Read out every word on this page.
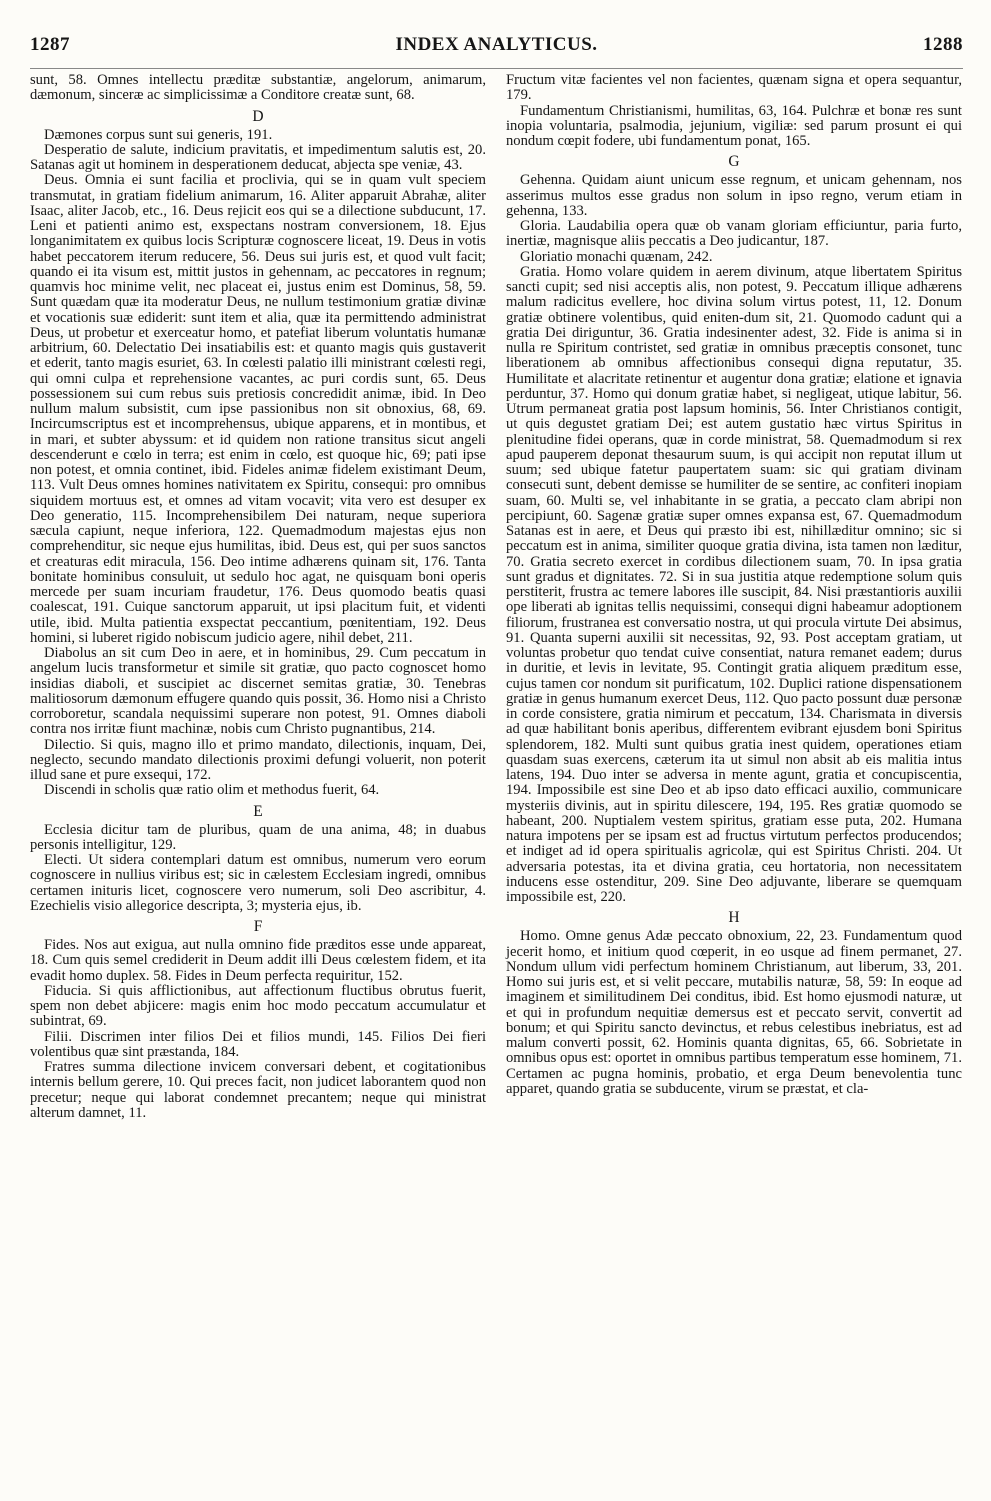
1287	INDEX ANALYTICUS.	1288

sunt, 58. Omnes intellectu præditæ substantiæ, angelorum, animarum, dæmonum, sinceræ ac simplicissimæ a Conditore creatæ sunt, 68.

D

Dæmones corpus sunt sui generis, 191.

Desperatio de salute, indicium pravitatis, et impedimentum salutis est, 20. Satanas agit ut hominem in desperationem deducat, abjecta spe veniæ, 43.

Deus. Omnia ei sunt facilia et proclivia, qui se in quam vult speciem transmutat, in gratiam fidelium animarum, 16. Aliter apparuit Abrahæ, aliter Isaac, aliter Jacob, etc., 16. Deus rejicit eos qui se a dilectione subducunt, 17. Leni et patienti animo est, exspectans nostram conversionem, 18. Ejus longanimitatem ex quibus locis Scripturæ cognoscere liceat, 19. Deus in votis habet peccatorem iterum reducere, 56. Deus sui juris est, et quod vult facit; quando ei ita visum est, mittit justos in gehennam, ac peccatores in regnum; quamvis hoc minime velit, nec placeat ei, justus enim est Dominus, 58, 59. Sunt quædam quæ ita moderatur Deus, ne nullum testimonium gratiæ divinæ et vocationis suæ ediderit: sunt item et alia, quæ ita permittendo administrat Deus, ut probetur et exerceatur homo, et patefiat liberum voluntatis humanæ arbitrium, 60. Delectatio Dei insatiabilis est: et quanto magis quis gustaverit et ederit, tanto magis esuriet, 63. In cœlesti palatio illi ministrant cœlesti regi, qui omni culpa et reprehensione vacantes, ac puri cordis sunt, 65. Deus possessionem sui cum rebus suis pretiosis concredidit animæ, ibid. In Deo nullum malum subsistit, cum ipse passionibus non sit obnoxius, 68, 69. Incircumscriptus est et incomprehensus, ubique apparens, et in montibus, et in mari, et subter abyssum: et id quidem non ratione transitus sicut angeli descenderunt e cœlo in terra; est enim in cœlo, est quoque hic, 69; pati ipse non potest, et omnia continet, ibid. Fideles animæ fidelem existimant Deum, 113. Vult Deus omnes homines nativitatem ex Spiritu, consequi: pro omnibus siquidem mortuus est, et omnes ad vitam vocavit; vita vero est desuper ex Deo generatio, 115. Incomprehensibilem Dei naturam, neque superiora sæcula capiunt, neque inferiora, 122. Quemadmodum majestas ejus non comprehenditur, sic neque ejus humilitas, ibid. Deus est, qui per suos sanctos et creaturas edit miracula, 156. Deo intime adhærens quinam sit, 176. Tanta bonitate hominibus consuluit, ut sedulo hoc agat, ne quisquam boni operis mercede per suam incuriam fraudetur, 176. Deus quomodo beatis quasi coalescat, 191. Cuique sanctorum apparuit, ut ipsi placitum fuit, et videnti utile, ibid. Multa patientia exspectat peccantium, pœnitentiam, 192. Deus homini, si luberet rigido nobiscum judicio agere, nihil debet, 211.

Diabolus an sit cum Deo in aere, et in hominibus, 29. Cum peccatum in angelum lucis transformetur et simile sit gratiæ, quo pacto cognoscet homo insidias diaboli, et suscipiet ac discernet semitas gratiæ, 30. Tenebras malitiosorum dæmonum effugere quando quis possit, 36. Homo nisi a Christo corroboretur, scandala nequissimi superare non potest, 91. Omnes diaboli contra nos irritæ fiunt machinæ, nobis cum Christo pugnantibus, 214.

Dilectio. Si quis, magno illo et primo mandato, dilectionis, inquam, Dei, neglecto, secundo mandato dilectionis proximi defungi voluerit, non poterit illud sane et pure exsequi, 172.

Discendi in scholis quæ ratio olim et methodus fuerit, 64.

E

Ecclesia dicitur tam de pluribus, quam de una anima, 48; in duabus personis intelligitur, 129.

Electi. Ut sidera contemplari datum est omnibus, numerum vero eorum cognoscere in nullius viribus est; sic in cælestem Ecclesiam ingredi, omnibus certamen inituris licet, cognoscere vero numerum, soli Deo ascribitur, 4. Ezechielis visio allegorice descripta, 3; mysteria ejus, ib.

F

Fides. Nos aut exigua, aut nulla omnino fide præditos esse unde appareat, 18. Cum quis semel crediderit in Deum addit illi Deus cœlestem fidem, et ita evadit homo duplex. 58. Fides in Deum perfecta requiritur, 152.

Fiducia. Si quis afflictionibus, aut affectionum fluctibus obrutus fuerit, spem non debet abjicere: magis enim hoc modo peccatum accumulatur et subintrat, 69.

Filii. Discrimen inter filios Dei et filios mundi, 145. Filios Dei fieri volentibus quæ sint præstanda, 184.

Fratres summa dilectione invicem conversari debent, et cogitationibus internis bellum gerere, 10. Qui preces facit, non judicet laborantem quod non precetur; neque qui laborat condemnet precantem; neque qui ministrat alterum damnet, 11.

Fructum vitæ facientes vel non facientes, quænam signa et opera sequantur, 179.

Fundamentum Christianismi, humilitas, 63, 164. Pulchræ et bonæ res sunt inopia voluntaria, psalmodia, jejunium, vigiliæ: sed parum prosunt ei qui nondum cœpit fodere, ubi fundamentum ponat, 165.

G

Gehenna. Quidam aiunt unicum esse regnum, et unicam gehennam, nos asserimus multos esse gradus non solum in ipso regno, verum etiam in gehenna, 133.

Gloria. Laudabilia opera quæ ob vanam gloriam efficiuntur, paria furto, inertiæ, magnisque aliis peccatis a Deo judicantur, 187.

Gloriatio monachi quænam, 242.

Gratia. Homo volare quidem in aerem divinum, atque libertatem Spiritus sancti cupit; sed nisi acceptis alis, non potest, 9. Peccatum illique adhærens malum radicitus evellere, hoc divina solum virtus potest, 11, 12. Donum gratiæ obtinere volentibus, quid eniten-dum sit, 21. Quomodo cadunt qui a gratia Dei diriguntur, 36. Gratia indesinenter adest, 32. Fide is anima si in nulla re Spiritum contristet, sed gratiæ in omnibus præceptis consonet, tunc liberationem ab omnibus affectionibus consequi digna reputatur, 35. Humilitate et alacritate retinentur et augentur dona gratiæ; elatione et ignavia perduntur, 37. Homo qui donum gratiæ habet, si negligeat, utique labitur, 56. Utrum permaneat gratia post lapsum hominis, 56. Inter Christianos contigit, ut quis degustet gratiam Dei; est autem gustatio hæc virtus Spiritus in plenitudine fidei operans, quæ in corde ministrat, 58. Quemadmodum si rex apud pauperem deponat thesaurum suum, is qui accipit non reputat illum ut suum; sed ubique fatetur paupertatem suam: sic qui gratiam divinam consecuti sunt, debent demisse se humiliter de se sentire, ac confiteri inopiam suam, 60. Multi se, vel inhabitante in se gratia, a peccato clam abripi non percipiunt, 60. Sagenæ gratiæ super omnes expansa est, 67. Quemadmodum Satanas est in aere, et Deus qui præsto ibi est, nihillæditur omnino; sic si peccatum est in anima, similiter quoque gratia divina, ista tamen non læditur, 70. Gratia secreto exercet in cordibus dilectionem suam, 70. In ipsa gratia sunt gradus et dignitates. 72. Si in sua justitia atque redemptione solum quis perstiterit, frustra ac temere labores ille suscipit, 84. Nisi præstantioris auxilii ope liberati ab ignitas tellis nequissimi, consequi digni habeamur adoptionem filiorum, frustranea est conversatio nostra, ut qui procula virtute Dei absimus, 91. Quanta superni auxilii sit necessitas, 92, 93. Post acceptam gratiam, ut voluntas probetur quo tendat cuive consentiat, natura remanet eadem; durus in duritie, et levis in levitate, 95. Contingit gratia aliquem præditum esse, cujus tamen cor nondum sit purificatum, 102. Duplici ratione dispensationem gratiæ in genus humanum exercet Deus, 112. Quo pacto possunt duæ personæ in corde consistere, gratia nimirum et peccatum, 134. Charismata in diversis ad quæ habilitant bonis aperibus, differentem evibrant ejusdem boni Spiritus splendorem, 182. Multi sunt quibus gratia inest quidem, operationes etiam quasdam suas exercens, cæterum ita ut simul non absit ab eis malitia intus latens, 194. Duo inter se adversa in mente agunt, gratia et concupiscentia, 194. Impossibile est sine Deo et ab ipso dato efficaci auxilio, communicare mysteriis divinis, aut in spiritu dilescere, 194, 195. Res gratiæ quomodo se habeant, 200. Nuptialem vestem spiritus, gratiam esse puta, 202. Humana natura impotens per se ipsam est ad fructus virtutum perfectos producendos; et indiget ad id opera spiritualis agricolæ, qui est Spiritus Christi. 204. Ut adversaria potestas, ita et divina gratia, ceu hortatoria, non necessitatem inducens esse ostenditur, 209. Sine Deo adjuvante, liberare se quemquam impossibile est, 220.

H

Homo. Omne genus Adæ peccato obnoxium, 22, 23. Fundamentum quod jecerit homo, et initium quod cœperit, in eo usque ad finem permanet, 27. Nondum ullum vidi perfectum hominem Christianum, aut liberum, 33, 201. Homo sui juris est, et si velit peccare, mutabilis naturæ, 58, 59: In eoque ad imaginem et similitudinem Dei conditus, ibid. Est homo ejusmodi naturæ, ut et qui in profundum nequitiæ demersus est et peccato servit, convertit ad bonum; et qui Spiritu sancto devinctus, et rebus celestibus inebriatus, est ad malum converti possit, 62. Hominis quanta dignitas, 65, 66. Sobrietate in omnibus opus est: oportet in omnibus partibus temperatum esse hominem, 71. Certamen ac pugna hominis, probatio, et erga Deum benevolentia tunc apparet, quando gratia se subducente, virum se præstat, et cla-
